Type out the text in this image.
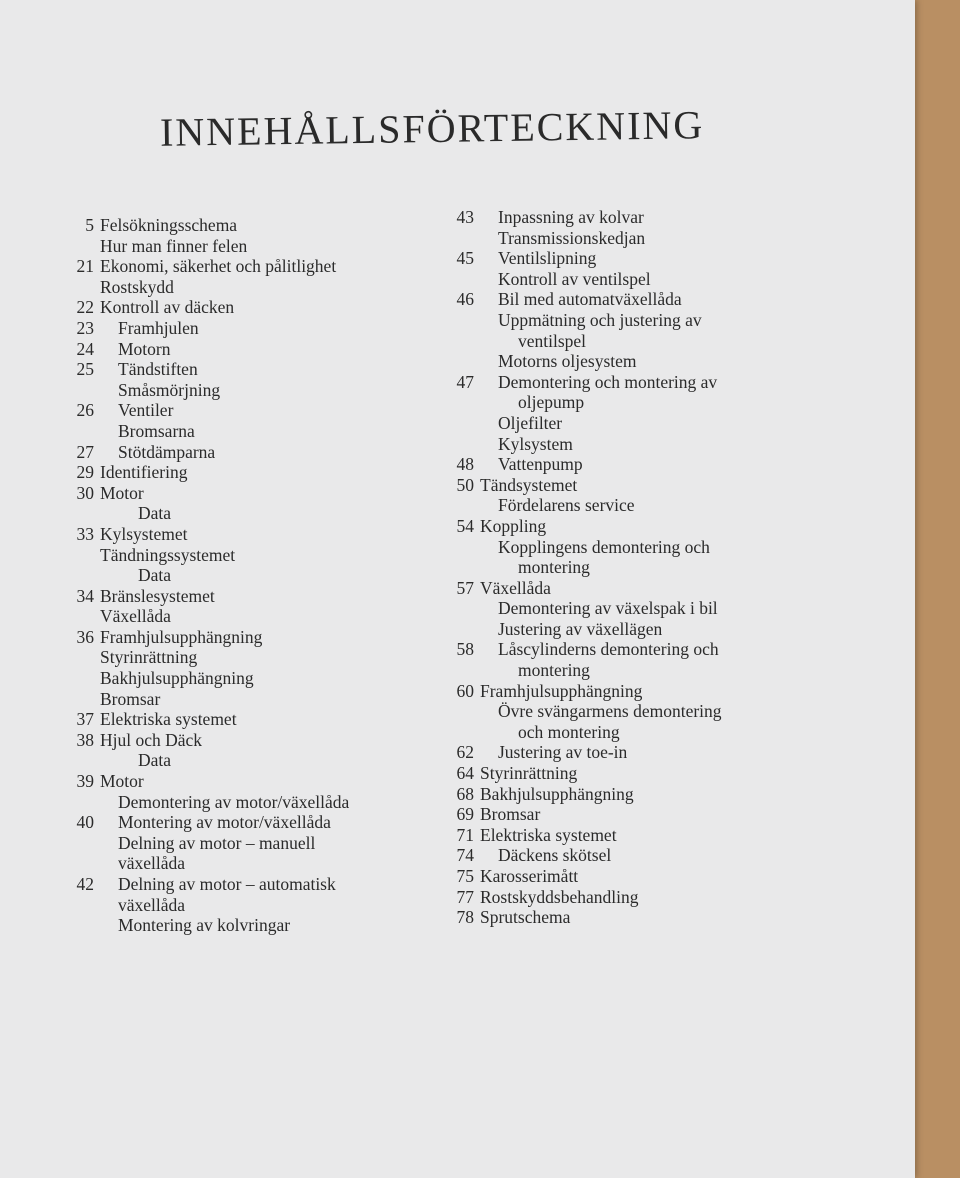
INNEHÅLLSFÖRTECKNING
5 Felsökningsschema
Hur man finner felen
21 Ekonomi, säkerhet och pålitlighet
Rostskydd
22 Kontroll av däcken
23	Framhjulen
24	Motorn
25	Tändstiften
Småsmörjning
26	Ventiler
Bromsarna
27	Stötdämparna
29 Identifiering
30 Motor
Data
33 Kylsystemet
Tändningssystemet
Data
34 Bränslesystemet
Växellåda
36 Framhjulsupphängning
Styrinrättning
Bakhjulsupphängning
Bromsar
37 Elektriska systemet
38 Hjul och Däck
Data
39 Motor
Demontering av motor/växellåda
40	Montering av motor/växellåda
Delning av motor – manuell
växellåda
42	Delning av motor – automatisk
växellåda
Montering av kolvringar
43	Inpassning av kolvar
Transmissionskedjan
45	Ventilslipning
Kontroll av ventilspel
46	Bil med automatväxellåda
Uppmätning och justering av
ventilspel
Motorns oljesystem
47	Demontering och montering av
oljepump
Oljefilter
Kylsystem
48	Vattenpump
50 Tändsystemet
Fördelarens service
54 Koppling
Kopplingens demontering och
montering
57 Växellåda
Demontering av växelspak i bil
Justering av växellägen
58	Låscylinderns demontering och
montering
60 Framhjulsupphängning
Övre svängarmens demontering
och montering
62	Justering av toe-in
64 Styrinrättning
68 Bakhjulsupphängning
69 Bromsar
71 Elektriska systemet
74	Däckens skötsel
75 Karosserimått
77 Rostskyddsbehandling
78 Sprutschema
